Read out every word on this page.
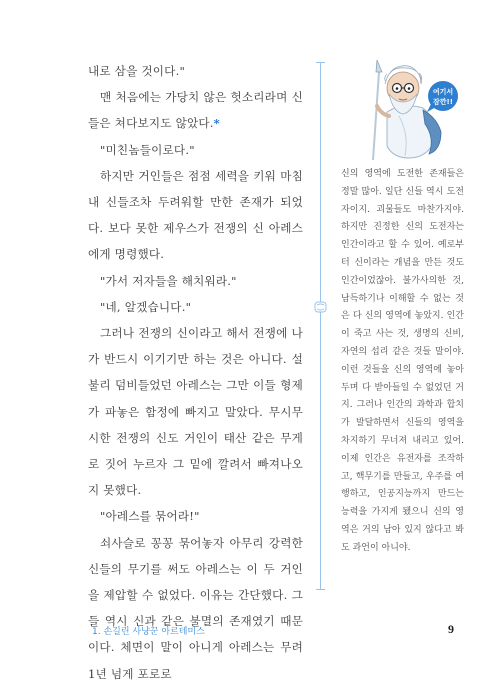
내로 삼을 것이다."

맨 처음에는 가당치 않은 헛소리라며 신들은 쳐다보지도 않았다.*

"미친놈들이로다."

하지만 거인들은 점점 세력을 키워 마침내 신들조차 두려워할 만한 존재가 되었다. 보다 못한 제우스가 전쟁의 신 아레스에게 명령했다.

"가서 저자들을 해치워라."

"네, 알겠습니다."

그러나 전쟁의 신이라고 해서 전쟁에 나가 반드시 이기기만 하는 것은 아니다. 설불리 덤비들었던 아레스는 그만 이들 형제가 파놓은 함정에 빠지고 말았다. 무시무시한 전쟁의 신도 거인이 태산 같은 무게로 짓어 누르자 그 밑에 깔려서 빠져나오지 못했다.

"아레스를 묶어라!"

쇠사슬로 꽁꽁 묶어놓자 아무리 강력한 신들의 무기를 써도 아레스는 이 두 거인을 제압할 수 없었다. 이유는 간단했다. 그들 역시 신과 같은 불멸의 존재였기 때문이다. 체면이 말이 아니게 아레스는 무려 1년 넘게 포로로

여기서
잠깐!!

신의 영역에 도전한 존재들은 정말 많아. 일단 신들 역시 도전자이지. 괴물들도 마찬가지야. 하지만 진정한 신의 도전자는 인간이라고 할 수 있어. 예로부터 신이라는 개념을 만든 것도 인간이었잖아. 불가사의한 것, 남득하기나 이해할 수 없는 것은 다 신의 영역에 놓았지. 인간이 죽고 사는 것, 생명의 신비, 자연의 섭리 같은 것들 말이야. 이런 것들을 신의 영역에 놓아두며 다 받아들일 수 없었던 거지. 그러나 인간의 과학과 합치가 발달하면서 신들의 영역을 차지하기 무너져 내리고 있어. 이제 인간은 유전자를 조작하고, 핵무기를 만들고, 우주를 여행하고, 인공지능까지 만드는 능력을 가지게 됐으니 신의 영역은 거의 남아 있지 않다고 봐도 과언이 아니야.

1. 손길린 사냥꾼 아르테미스	9
